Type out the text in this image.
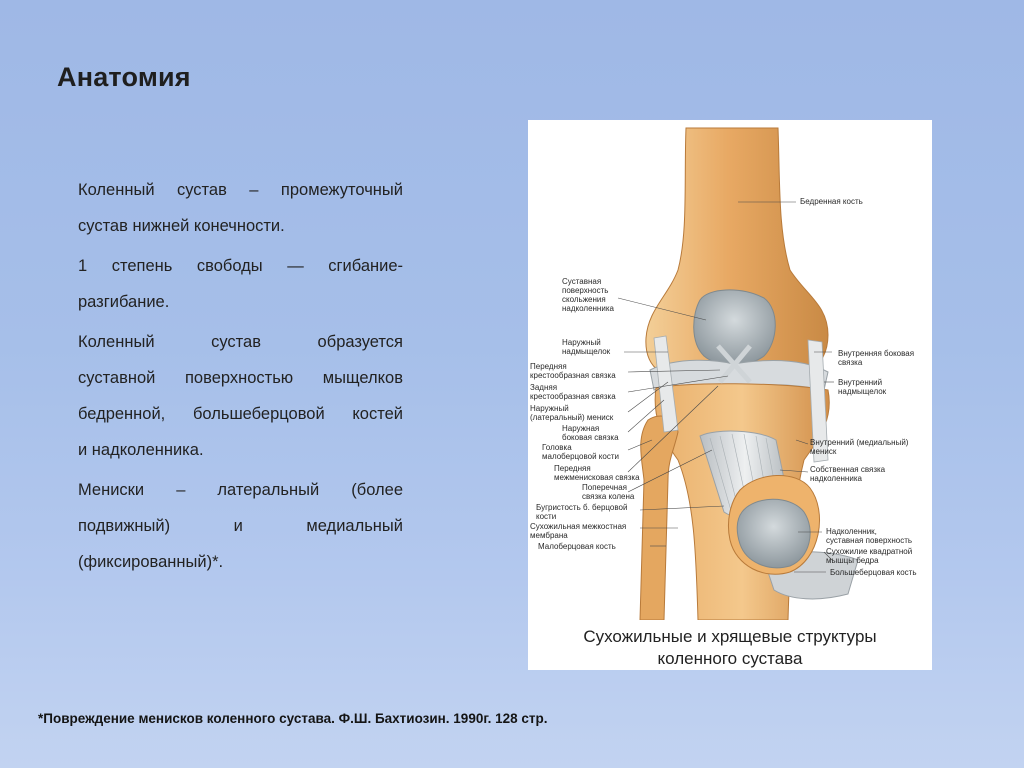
Анатомия

Коленный сустав – промежуточный
сустав нижней конечности.

1 степень свободы — сгибание-
разгибание.

Коленный сустав образуется
суставной поверхностью мыщелков
бедренной, большеберцовой костей
и надколенника.

Мениски – латеральный (более
подвижный) и медиальный
(фиксированный)*.

Бедренная кость
Суставная
поверхность
скольжения
надколенника
Наружный
надмыщелок
Передняя
крестообразная связка
Задняя
крестообразная связка
Наружный
(латеральный) мениск
Наружная
боковая связка
Головка
малоберцовой кости
Передняя
межменисковая связка
Поперечная
связка колена
Бугристость б. берцовой
кости
Сухожильная межкостная
мембрана
Малоберцовая кость
Внутренняя боковая
связка
Внутренний
надмыщелок
Внутренний (медиальный)
мениск
Собственная связка
надколенника
Надколенник,
суставная поверхность
Сухожилие квадратной
мышцы бедра
Большеберцовая кость
Сухожильные и хрящевые структуры
коленного сустава
*Повреждение менисков коленного сустава. Ф.Ш. Бахтиозин. 1990г. 128 стр.
